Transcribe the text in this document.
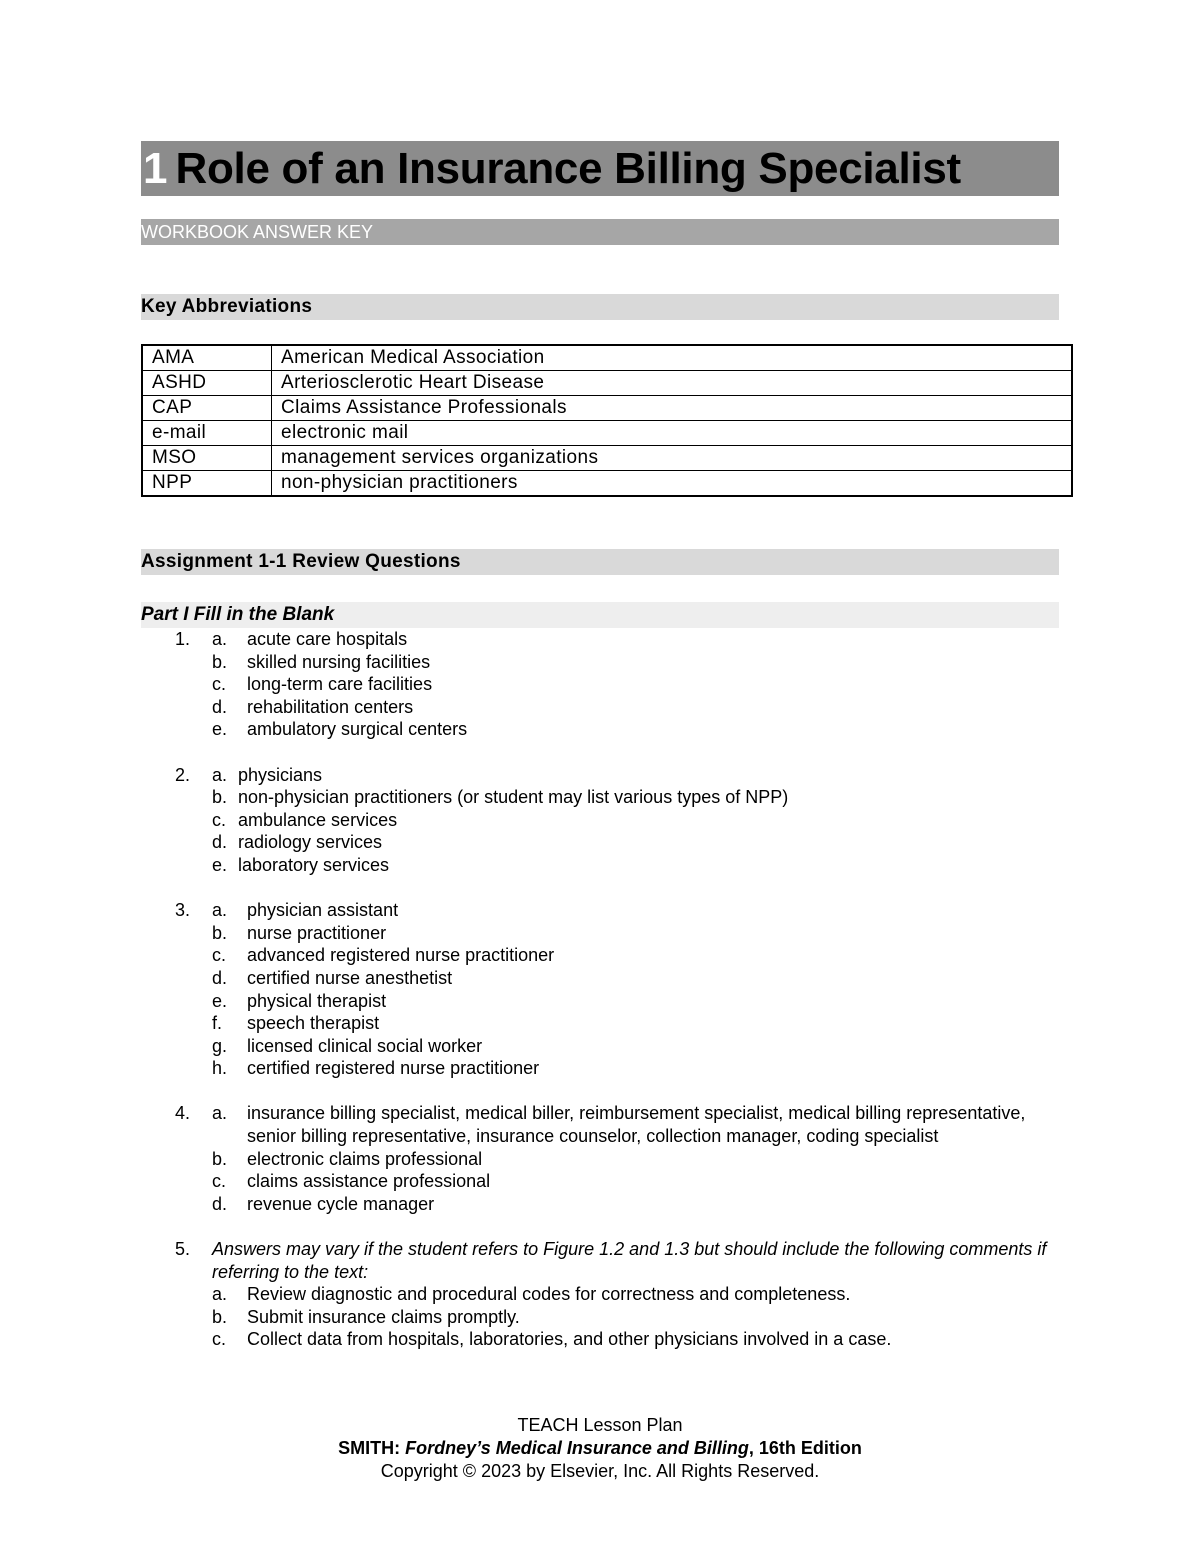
1 Role of an Insurance Billing Specialist
WORKBOOK ANSWER KEY
Key Abbreviations
AMA	American Medical Association
ASHD	Arteriosclerotic Heart Disease
CAP	Claims Assistance Professionals
e-mail	electronic mail
MSO	management services organizations
NPP	non-physician practitioners
Assignment 1-1 Review Questions
Part I Fill in the Blank
1.	a. acute care hospitals
b. skilled nursing facilities
c. long-term care facilities
d. rehabilitation centers
e. ambulatory surgical centers
2.	a. physicians
b. non-physician practitioners (or student may list various types of NPP)
c. ambulance services
d. radiology services
e. laboratory services
3.	a. physician assistant
b. nurse practitioner
c. advanced registered nurse practitioner
d. certified nurse anesthetist
e. physical therapist
f. speech therapist
g. licensed clinical social worker
h. certified registered nurse practitioner
4.	a. insurance billing specialist, medical biller, reimbursement specialist, medical billing representative, senior billing representative, insurance counselor, collection manager, coding specialist
b. electronic claims professional
c. claims assistance professional
d. revenue cycle manager
5.	Answers may vary if the student refers to Figure 1.2 and 1.3 but should include the following comments if referring to the text:
a. Review diagnostic and procedural codes for correctness and completeness.
b. Submit insurance claims promptly.
c. Collect data from hospitals, laboratories, and other physicians involved in a case.
TEACH Lesson Plan
SMITH: Fordney’s Medical Insurance and Billing, 16th Edition
Copyright © 2023 by Elsevier, Inc. All Rights Reserved.
